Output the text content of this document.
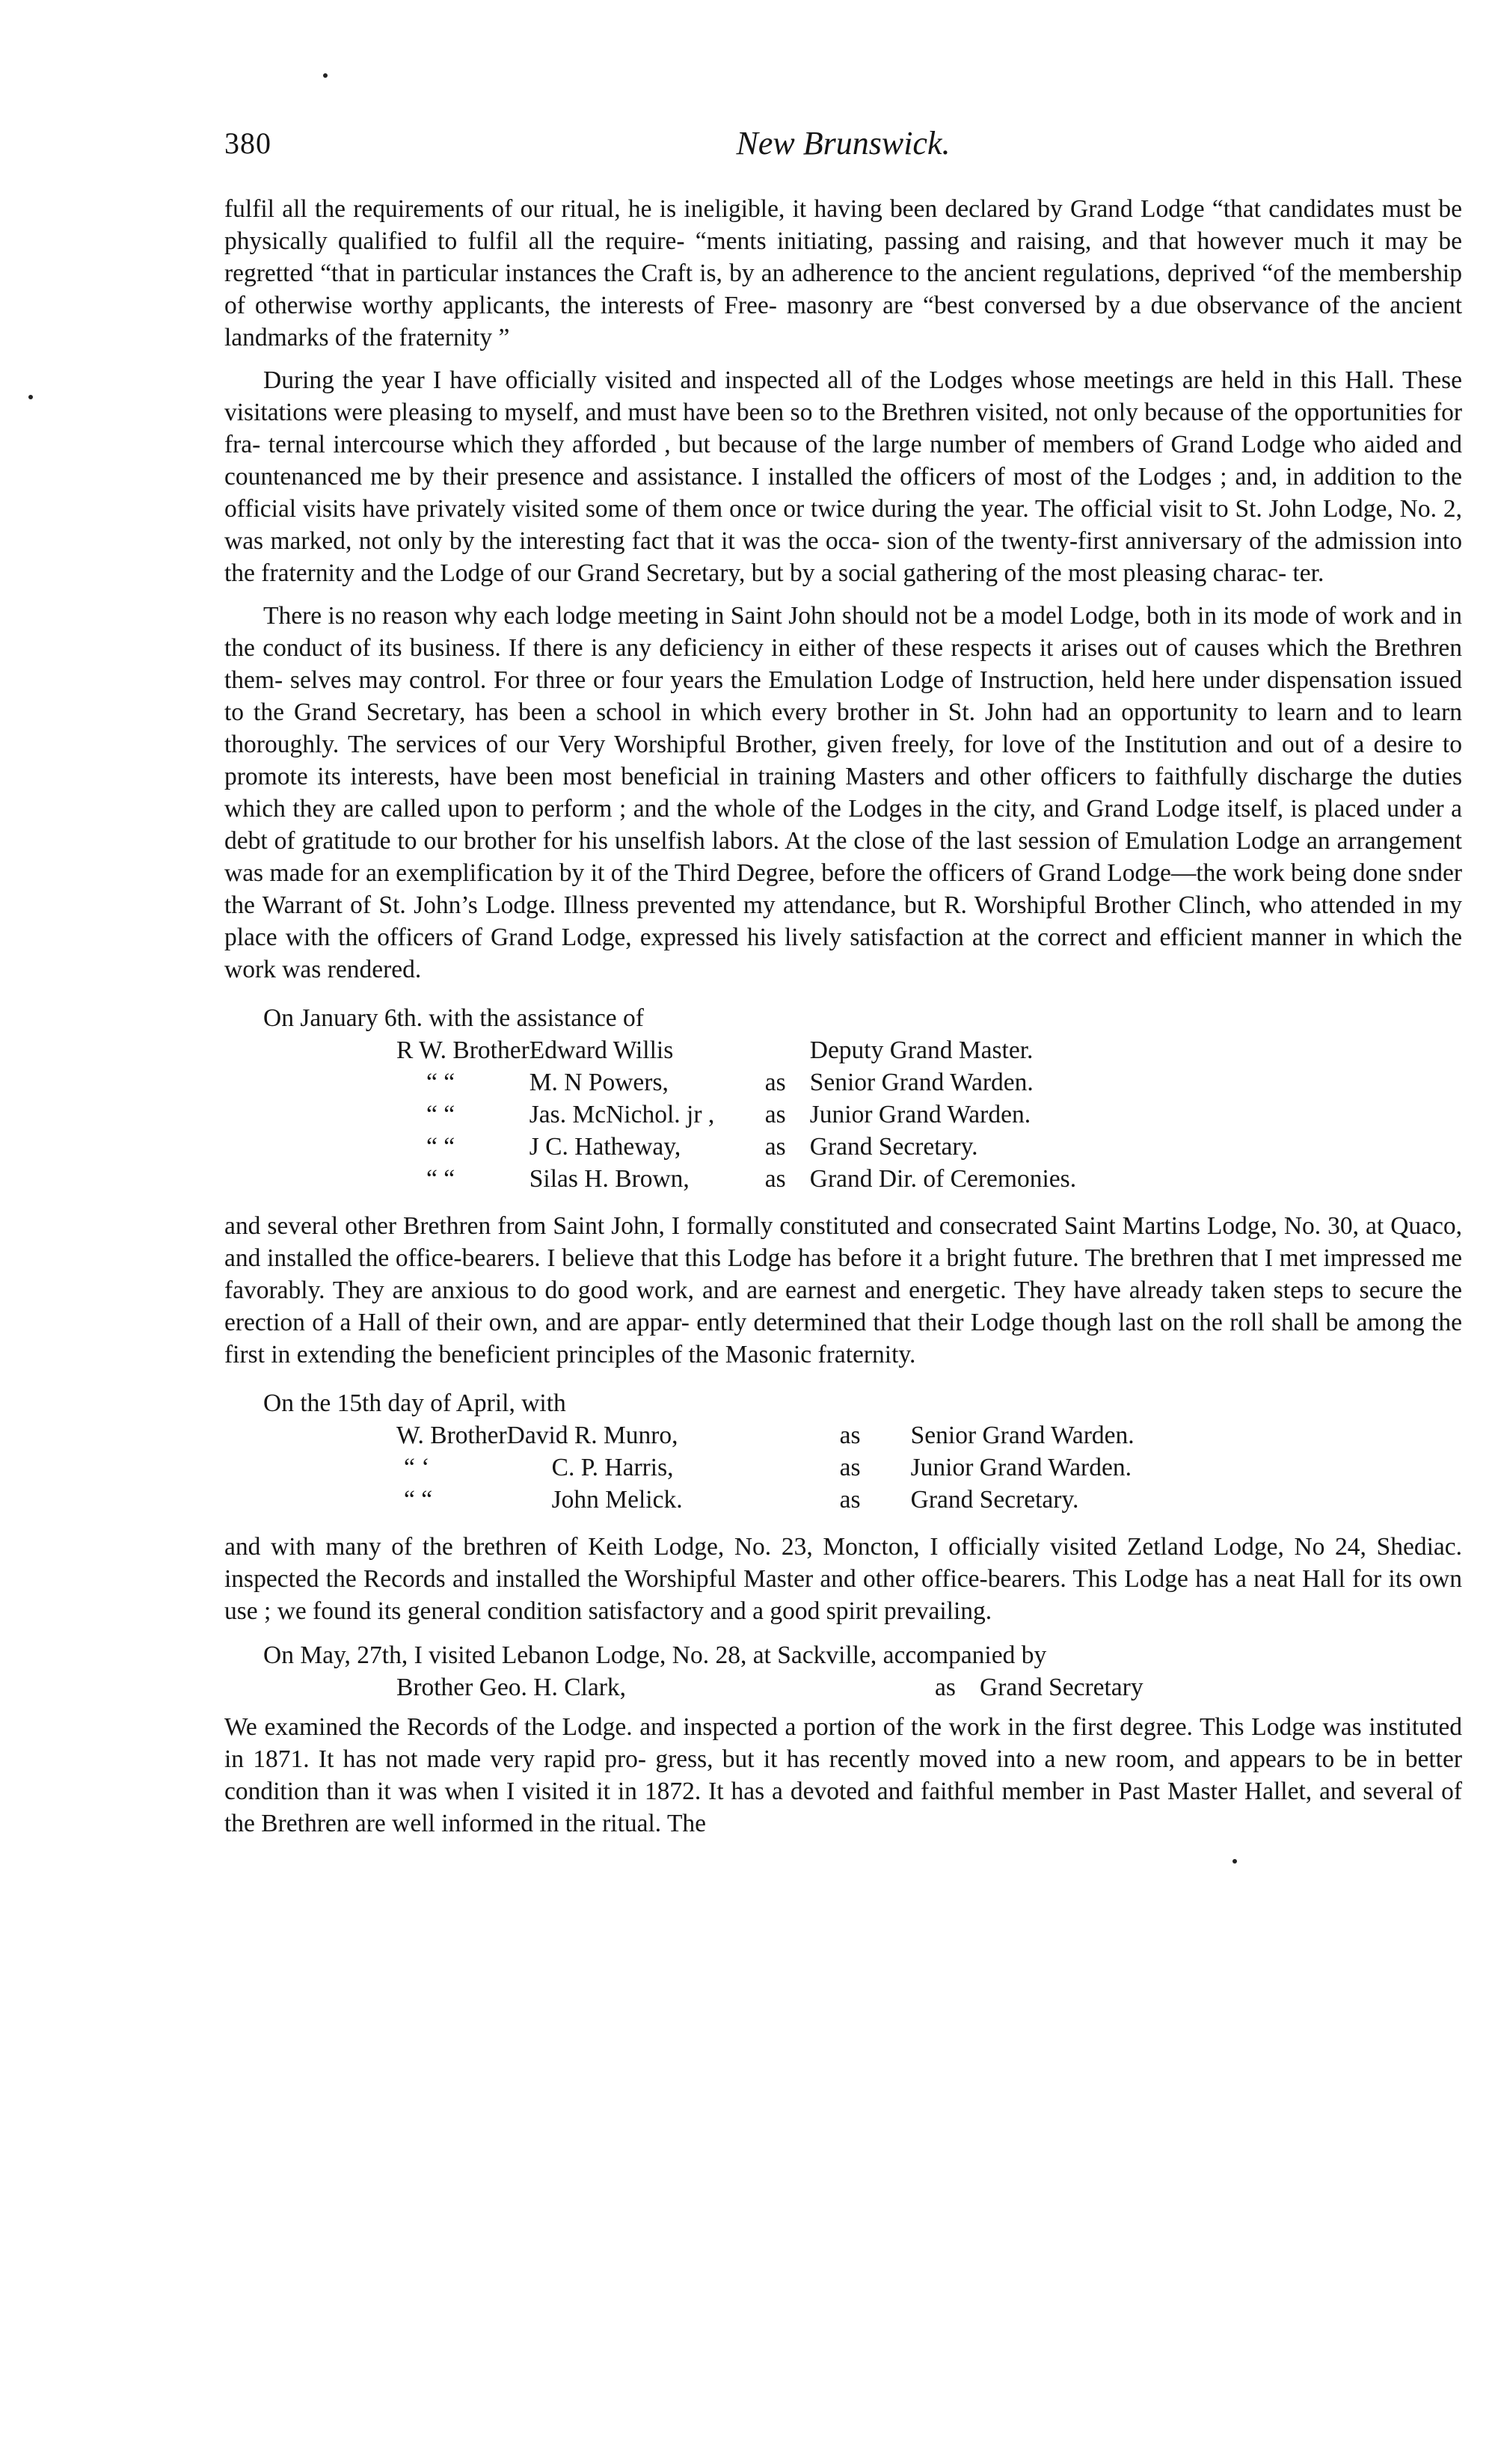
380	New Brunswick.

fulfil all the requirements of our ritual, he is ineligible, it having been declared by Grand Lodge “that candidates must be physically qualified to fulfil all the require- “ments initiating, passing and raising, and that however much it may be regretted “that in particular instances the Craft is, by an adherence to the ancient regulations, deprived “of the membership of otherwise worthy applicants, the interests of Free- masonry are “best conversed by a due observance of the ancient landmarks of the fraternity ”

During the year I have officially visited and inspected all of the Lodges whose meetings are held in this Hall. These visitations were pleasing to myself, and must have been so to the Brethren visited, not only because of the opportunities for fra- ternal intercourse which they afforded , but because of the large number of members of Grand Lodge who aided and countenanced me by their presence and assistance. I installed the officers of most of the Lodges ; and, in addition to the official visits have privately visited some of them once or twice during the year. The official visit to St. John Lodge, No. 2, was marked, not only by the interesting fact that it was the occa- sion of the twenty-first anniversary of the admission into the fraternity and the Lodge of our Grand Secretary, but by a social gathering of the most pleasing charac- ter.

There is no reason why each lodge meeting in Saint John should not be a model Lodge, both in its mode of work and in the conduct of its business. If there is any deficiency in either of these respects it arises out of causes which the Brethren them- selves may control. For three or four years the Emulation Lodge of Instruction, held here under dispensation issued to the Grand Secretary, has been a school in which every brother in St. John had an opportunity to learn and to learn thoroughly. The services of our Very Worshipful Brother, given freely, for love of the Institution and out of a desire to promote its interests, have been most beneficial in training Masters and other officers to faithfully discharge the duties which they are called upon to perform ; and the whole of the Lodges in the city, and Grand Lodge itself, is placed under a debt of gratitude to our brother for his unselfish labors. At the close of the last session of Emulation Lodge an arrangement was made for an exemplification by it of the Third Degree, before the officers of Grand Lodge—the work being done snder the Warrant of St. John’s Lodge. Illness prevented my attendance, but R. Worshipful Brother Clinch, who attended in my place with the officers of Grand Lodge, expressed his lively satisfaction at the correct and efficient manner in which the work was rendered.

On January 6th. with the assistance of

R W. Brother	Edward Willis		Deputy Grand Master.
“ “	M. N Powers,	as	Senior Grand Warden.
“ “	Jas. McNichol. jr ,	as	Junior Grand Warden.
“ “	J C. Hatheway,	as	Grand Secretary.
“ “	Silas H. Brown,	as	Grand Dir. of Ceremonies.

and several other Brethren from Saint John, I formally constituted and consecrated Saint Martins Lodge, No. 30, at Quaco, and installed the office-bearers. I believe that this Lodge has before it a bright future. The brethren that I met impressed me favorably. They are anxious to do good work, and are earnest and energetic. They have already taken steps to secure the erection of a Hall of their own, and are appar- ently determined that their Lodge though last on the roll shall be among the first in extending the beneficient principles of the Masonic fraternity.

On the 15th day of April, with

W. Brother	David R. Munro,	as	Senior Grand Warden.
“ ‘	C. P. Harris,	as	Junior Grand Warden.
“ “	John Melick.	as	Grand Secretary.

and with many of the brethren of Keith Lodge, No. 23, Moncton, I officially visited Zetland Lodge, No 24, Shediac. inspected the Records and installed the Worshipful Master and other office-bearers. This Lodge has a neat Hall for its own use ; we found its general condition satisfactory and a good spirit prevailing.

On May, 27th, I visited Lebanon Lodge, No. 28, at Sackville, accompanied by

Brother Geo. H. Clark,	as	Grand Secretary

We examined the Records of the Lodge. and inspected a portion of the work in the first degree. This Lodge was instituted in 1871. It has not made very rapid pro- gress, but it has recently moved into a new room, and appears to be in better condition than it was when I visited it in 1872. It has a devoted and faithful member in Past Master Hallet, and several of the Brethren are well informed in the ritual. The
